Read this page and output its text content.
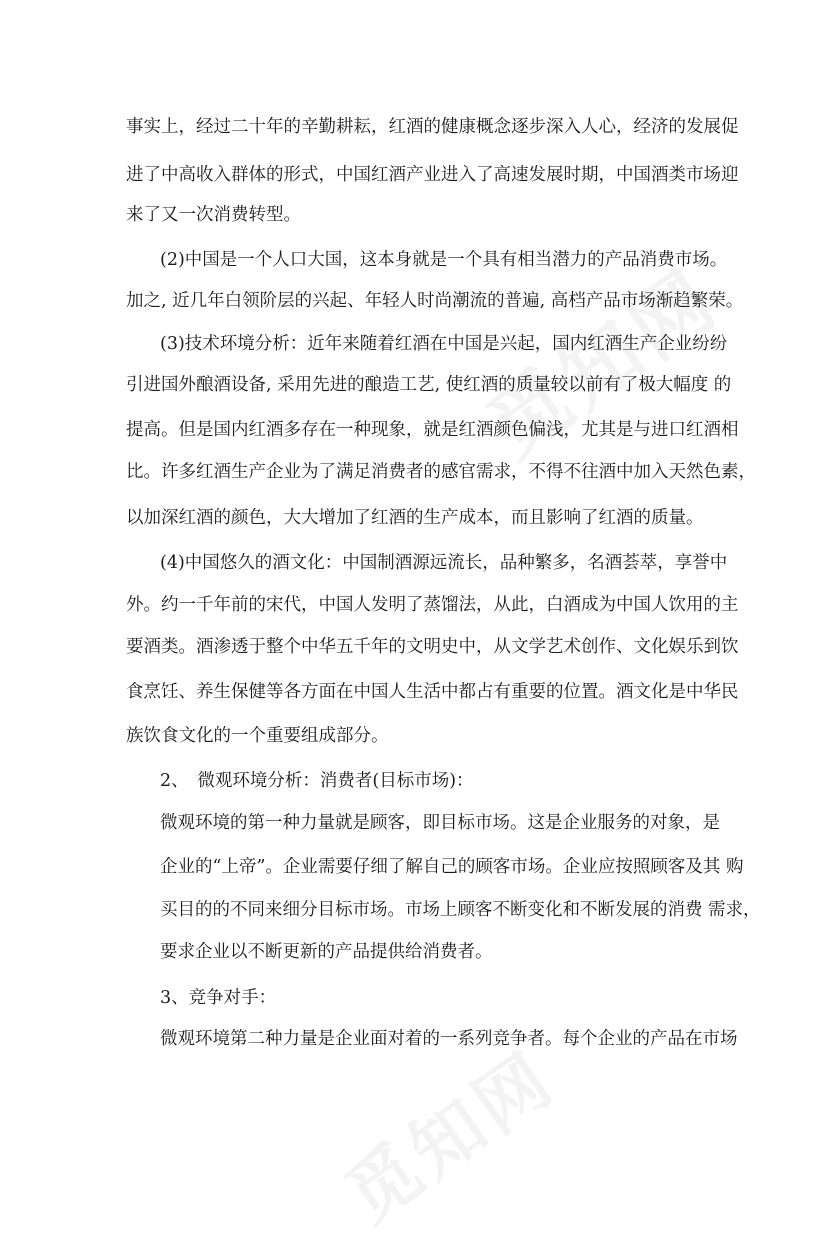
事实上，经过二十年的辛勤耕耘，红酒的健康概念逐步深入人心，经济的发展促
进了中高收入群体的形式，中国红酒产业进入了高速发展时期，中国酒类市场迎
来了又一次消费转型。
(2)中国是一个人口大国，这本身就是一个具有相当潜力的产品消费市场。
加之, 近几年白领阶层的兴起、年轻人时尚潮流的普遍, 高档产品市场渐趋繁荣。
(3)技术环境分析：近年来随着红酒在中国是兴起，国内红酒生产企业纷纷
引进国外酿酒设备, 采用先进的酿造工艺, 使红酒的质量较以前有了极大幅度 的
提高。但是国内红酒多存在一种现象，就是红酒颜色偏浅，尤其是与进口红酒相
比。许多红酒生产企业为了满足消费者的感官需求，不得不往酒中加入天然色素，
以加深红酒的颜色，大大增加了红酒的生产成本，而且影响了红酒的质量。
(4)中国悠久的酒文化：中国制酒源远流长，品种繁多，名酒荟萃，享誉中
外。约一千年前的宋代，中国人发明了蒸馏法，从此，白酒成为中国人饮用的主
要酒类。酒渗透于整个中华五千年的文明史中，从文学艺术创作、文化娱乐到饮
食烹饪、养生保健等各方面在中国人生活中都占有重要的位置。酒文化是中华民
族饮食文化的一个重要组成部分。
2、　微观环境分析：消费者(目标市场)：
微观环境的第一种力量就是顾客，即目标市场。这是企业服务的对象，是
企业的“上帝”。企业需要仔细了解自己的顾客市场。企业应按照顾客及其 购
买目的的不同来细分目标市场。市场上顾客不断变化和不断发展的消费 需求，
要求企业以不断更新的产品提供给消费者。
3、竞争对手：
微观环境第二种力量是企业面对着的一系列竞争者。每个企业的产品在市场
